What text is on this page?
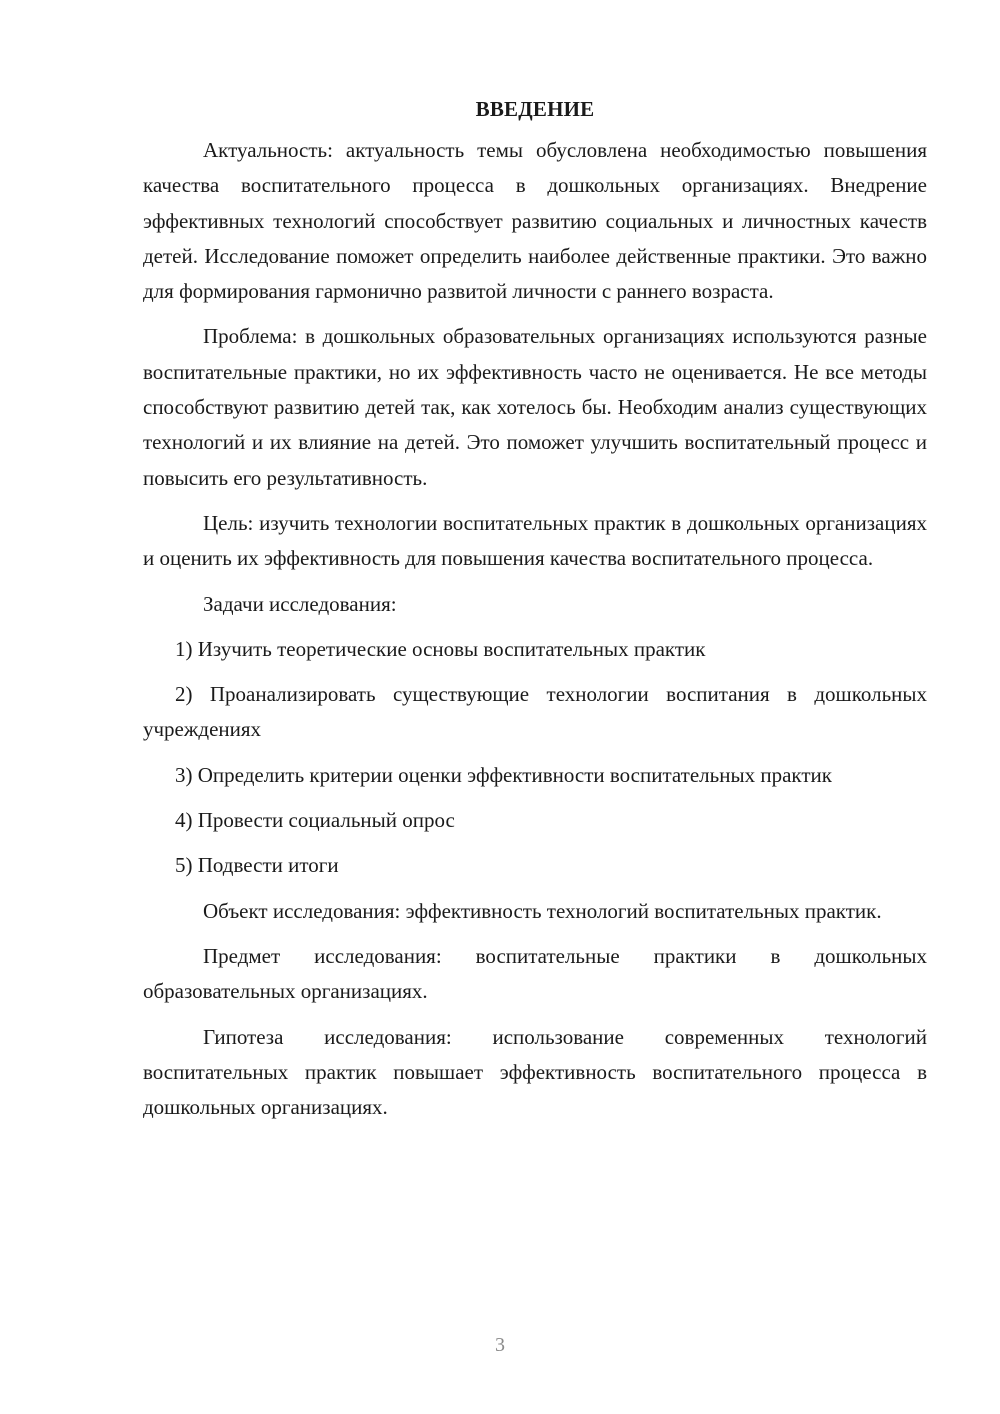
ВВЕДЕНИЕ

Актуальность: актуальность темы обусловлена необходимостью повышения качества воспитательного процесса в дошкольных организациях. Внедрение эффективных технологий способствует развитию социальных и личностных качеств детей. Исследование поможет определить наиболее действенные практики. Это важно для формирования гармонично развитой личности с раннего возраста.

Проблема: в дошкольных образовательных организациях используются разные воспитательные практики, но их эффективность часто не оценивается. Не все методы способствуют развитию детей так, как хотелось бы. Необходим анализ существующих технологий и их влияние на детей. Это поможет улучшить воспитательный процесс и повысить его результативность.

Цель: изучить технологии воспитательных практик в дошкольных организациях и оценить их эффективность для повышения качества воспитательного процесса.

Задачи исследования:

1) Изучить теоретические основы воспитательных практик

2) Проанализировать существующие технологии воспитания в дошкольных учреждениях

3) Определить критерии оценки эффективности воспитательных практик

4) Провести социальный опрос

5) Подвести итоги

Объект исследования: эффективность технологий воспитательных практик.

Предмет исследования: воспитательные практики в дошкольных образовательных организациях.

Гипотеза исследования: использование современных технологий воспитательных практик повышает эффективность воспитательного процесса в дошкольных организациях.

3
